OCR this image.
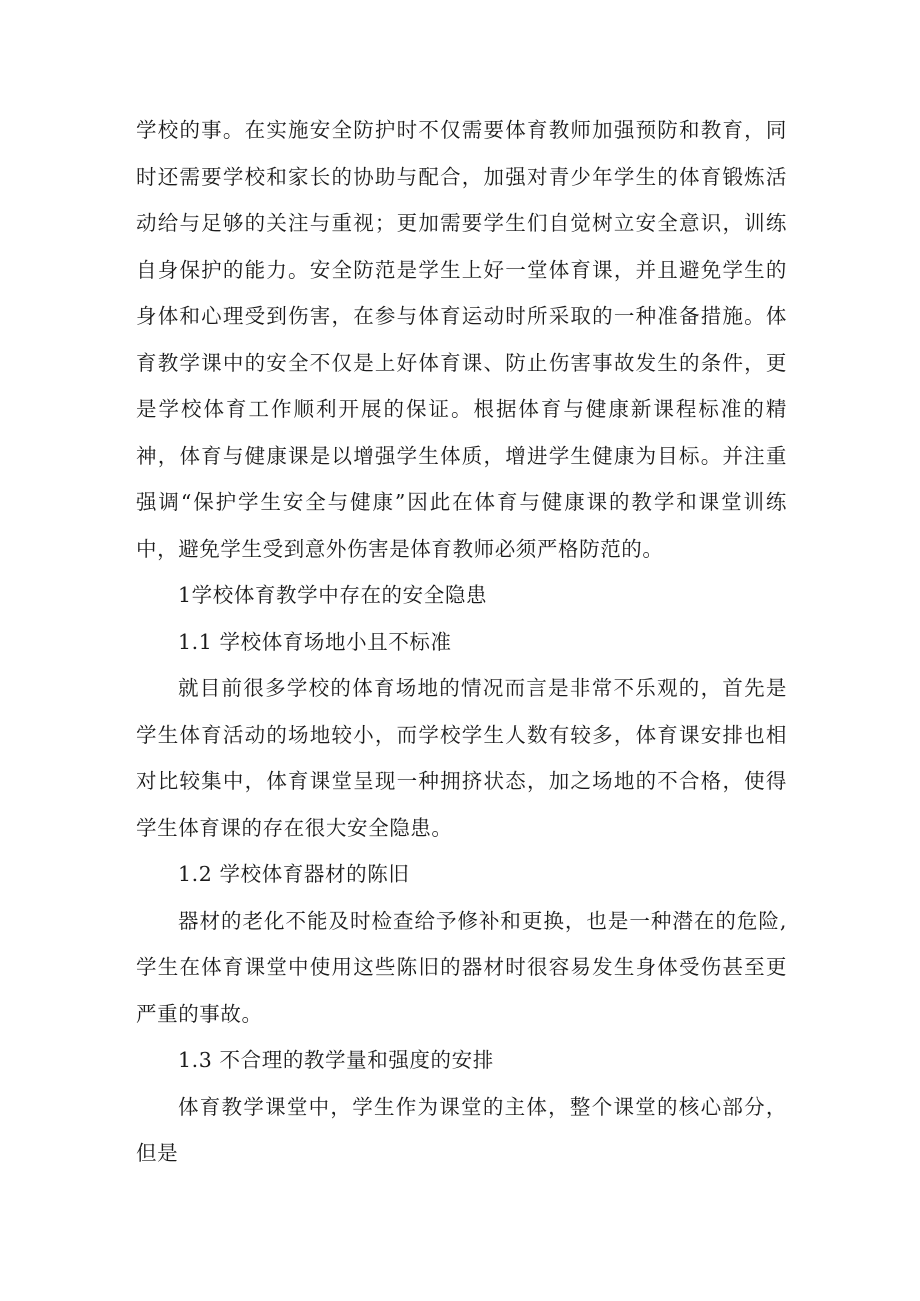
学校的事。在实施安全防护时不仅需要体育教师加强预防和教育，同时还需要学校和家长的协助与配合，加强对青少年学生的体育锻炼活动给与足够的关注与重视；更加需要学生们自觉树立安全意识，训练自身保护的能力。安全防范是学生上好一堂体育课，并且避免学生的身体和心理受到伤害，在参与体育运动时所采取的一种准备措施。体育教学课中的安全不仅是上好体育课、防止伤害事故发生的条件，更是学校体育工作顺利开展的保证。根据体育与健康新课程标准的精神，体育与健康课是以增强学生体质，增进学生健康为目标。并注重强调“保护学生安全与健康”因此在体育与健康课的教学和课堂训练中，避免学生受到意外伤害是体育教师必须严格防范的。

1学校体育教学中存在的安全隐患

1.1 学校体育场地小且不标准

就目前很多学校的体育场地的情况而言是非常不乐观的，首先是学生体育活动的场地较小，而学校学生人数有较多，体育课安排也相对比较集中，体育课堂呈现一种拥挤状态，加之场地的不合格，使得学生体育课的存在很大安全隐患。

1.2 学校体育器材的陈旧

器材的老化不能及时检查给予修补和更换，也是一种潜在的危险,学生在体育课堂中使用这些陈旧的器材时很容易发生身体受伤甚至更严重的事故。

1.3 不合理的教学量和强度的安排

体育教学课堂中，学生作为课堂的主体，整个课堂的核心部分，但是
